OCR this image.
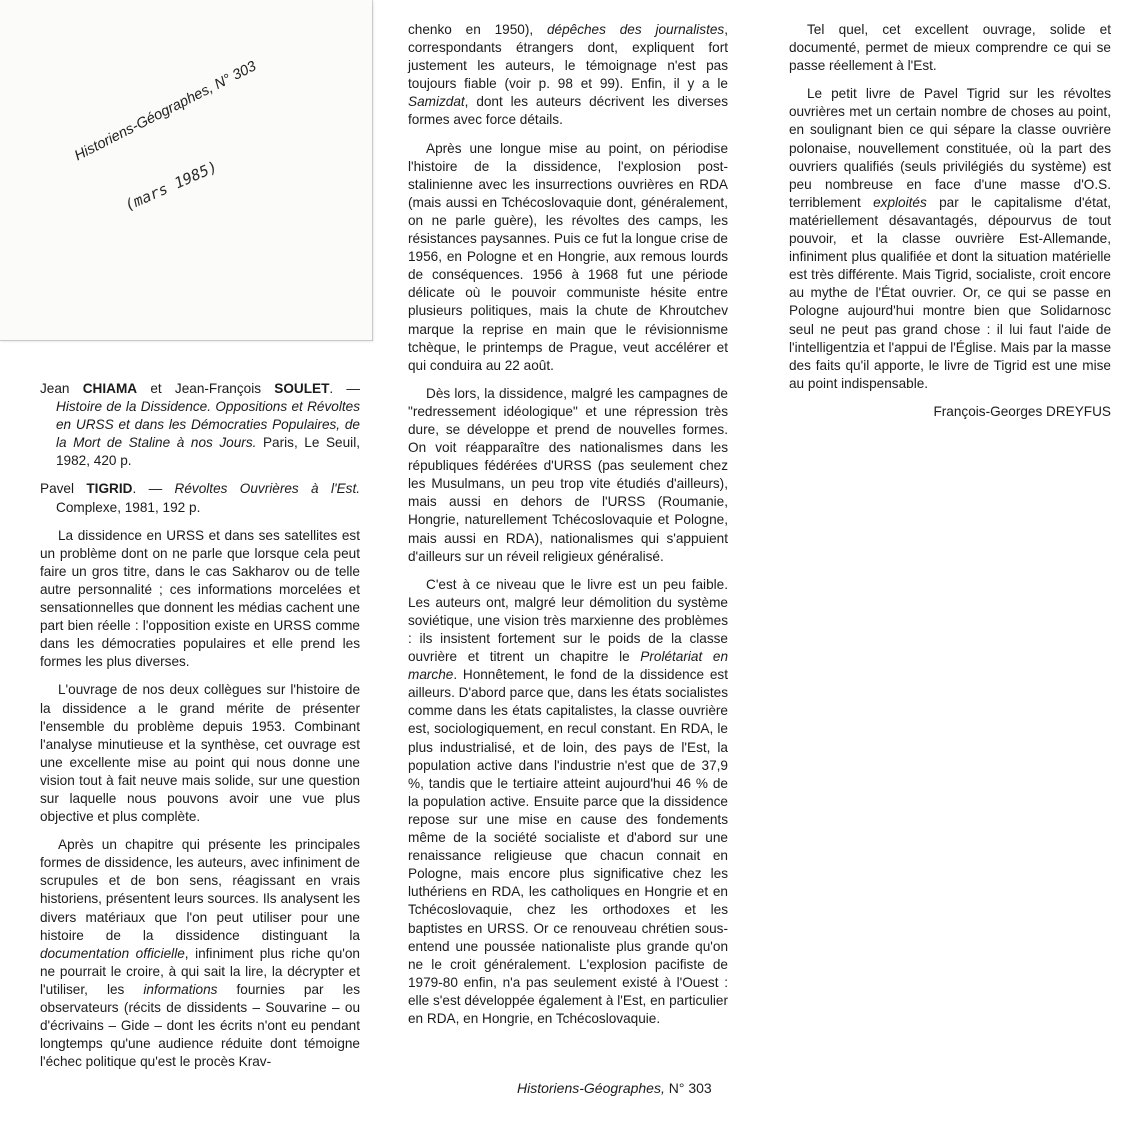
Historiens-Géographes, N° 303
(mars 1985)
Jean CHIAMA et Jean-François SOULET. — Histoire de la Dissidence. Oppositions et Révoltes en URSS et dans les Démocraties Populaires, de la Mort de Staline à nos Jours. Paris, Le Seuil, 1982, 420 p.
Pavel TIGRID. — Révoltes Ouvrières à l'Est. Complexe, 1981, 192 p.

La dissidence en URSS et dans ses satellites est un problème dont on ne parle que lorsque cela peut faire un gros titre, dans le cas Sakharov ou de telle autre personnalité ; ces informations morcelées et sensationnelles que donnent les médias cachent une part bien réelle : l'opposition existe en URSS comme dans les démocraties populaires et elle prend les formes les plus diverses.

L'ouvrage de nos deux collègues sur l'histoire de la dissidence a le grand mérite de présenter l'ensemble du problème depuis 1953. Combinant l'analyse minutieuse et la synthèse, cet ouvrage est une excellente mise au point qui nous donne une vision tout à fait neuve mais solide, sur une question sur laquelle nous pouvons avoir une vue plus objective et plus complète.

Après un chapitre qui présente les principales formes de dissidence, les auteurs, avec infiniment de scrupules et de bon sens, réagissant en vrais historiens, présentent leurs sources. Ils analysent les divers matériaux que l'on peut utiliser pour une histoire de la dissidence distinguant la documentation officielle, infiniment plus riche qu'on ne pourrait le croire, à qui sait la lire, la décrypter et l'utiliser, les informations fournies par les observateurs (récits de dissidents – Souvarine – ou d'écrivains – Gide – dont les écrits n'ont eu pendant longtemps qu'une audience réduite dont témoigne l'échec politique qu'est le procès Krav-

chenko en 1950), dépêches des journalistes, correspondants étrangers dont, expliquent fort justement les auteurs, le témoignage n'est pas toujours fiable (voir p. 98 et 99). Enfin, il y a le Samizdat, dont les auteurs décrivent les diverses formes avec force détails.

Après une longue mise au point, on périodise l'histoire de la dissidence, l'explosion post-stalinienne avec les insurrections ouvrières en RDA (mais aussi en Tchécoslovaquie dont, généralement, on ne parle guère), les révoltes des camps, les résistances paysannes. Puis ce fut la longue crise de 1956, en Pologne et en Hongrie, aux remous lourds de conséquences. 1956 à 1968 fut une période délicate où le pouvoir communiste hésite entre plusieurs politiques, mais la chute de Khroutchev marque la reprise en main que le révisionnisme tchèque, le printemps de Prague, veut accélérer et qui conduira au 22 août.

Dès lors, la dissidence, malgré les campagnes de "redressement idéologique" et une répression très dure, se développe et prend de nouvelles formes. On voit réapparaître des nationalismes dans les républiques fédérées d'URSS (pas seulement chez les Musulmans, un peu trop vite étudiés d'ailleurs), mais aussi en dehors de l'URSS (Roumanie, Hongrie, naturellement Tchécoslovaquie et Pologne, mais aussi en RDA), nationalismes qui s'appuient d'ailleurs sur un réveil religieux généralisé.

C'est à ce niveau que le livre est un peu faible. Les auteurs ont, malgré leur démolition du système soviétique, une vision très marxienne des problèmes : ils insistent fortement sur le poids de la classe ouvrière et titrent un chapitre le Prolétariat en marche. Honnêtement, le fond de la dissidence est ailleurs. D'abord parce que, dans les états socialistes comme dans les états capitalistes, la classe ouvrière est, sociologiquement, en recul constant. En RDA, le plus industrialisé, et de loin, des pays de l'Est, la population active dans l'industrie n'est que de 37,9 %, tandis que le tertiaire atteint aujourd'hui 46 % de la population active. Ensuite parce que la dissidence repose sur une mise en cause des fondements même de la société socialiste et d'abord sur une renaissance religieuse que chacun connait en Pologne, mais encore plus significative chez les luthériens en RDA, les catholiques en Hongrie et en Tchécoslovaquie, chez les orthodoxes et les baptistes en URSS. Or ce renouveau chrétien sous-entend une poussée nationaliste plus grande qu'on ne le croit généralement. L'explosion pacifiste de 1979-80 enfin, n'a pas seulement existé à l'Ouest : elle s'est développée également à l'Est, en particulier en RDA, en Hongrie, en Tchécoslovaquie.

Tel quel, cet excellent ouvrage, solide et documenté, permet de mieux comprendre ce qui se passe réellement à l'Est.

Le petit livre de Pavel Tigrid sur les révoltes ouvrières met un certain nombre de choses au point, en soulignant bien ce qui sépare la classe ouvrière polonaise, nouvellement constituée, où la part des ouvriers qualifiés (seuls privilégiés du système) est peu nombreuse en face d'une masse d'O.S. terriblement exploités par le capitalisme d'état, matériellement désavantagés, dépourvus de tout pouvoir, et la classe ouvrière Est-Allemande, infiniment plus qualifiée et dont la situation matérielle est très différente. Mais Tigrid, socialiste, croit encore au mythe de l'État ouvrier. Or, ce qui se passe en Pologne aujourd'hui montre bien que Solidarnosc seul ne peut pas grand chose : il lui faut l'aide de l'intelligentzia et l'appui de l'Église. Mais par la masse des faits qu'il apporte, le livre de Tigrid est une mise au point indispensable.

François-Georges DREYFUS

Historiens-Géographes, N° 303
